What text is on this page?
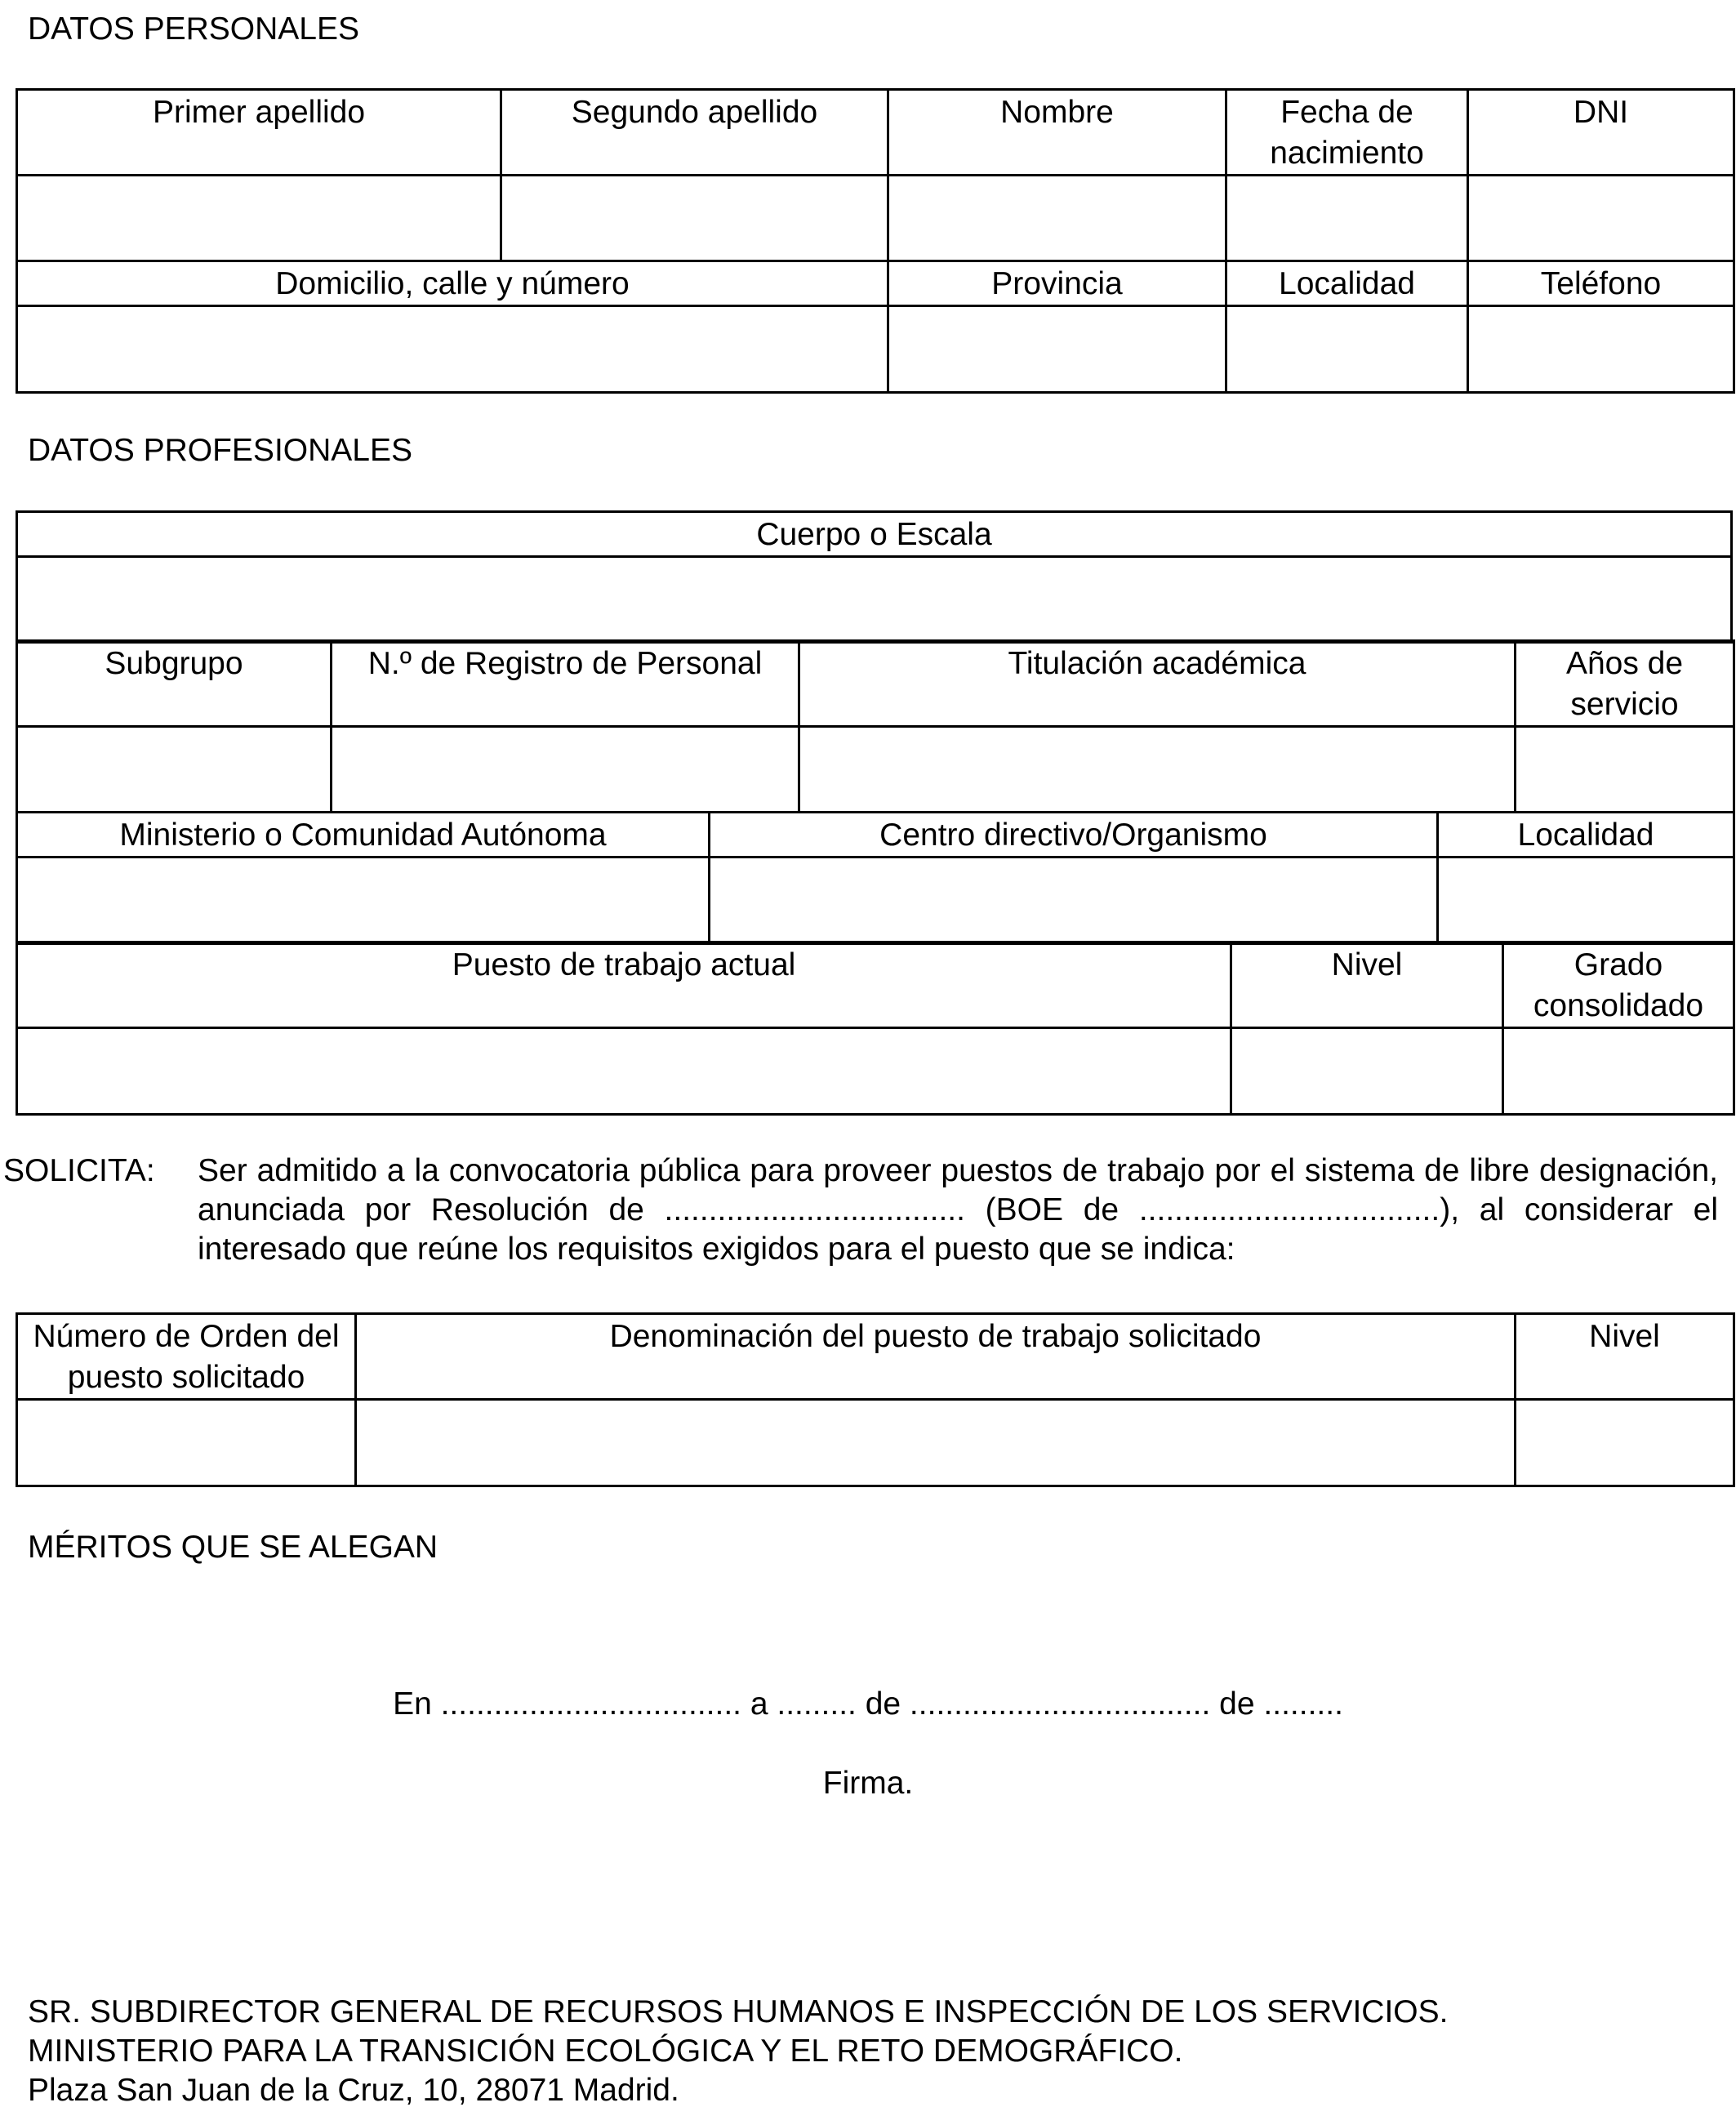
DATOS PERSONALES
Primer apellido	Segundo apellido	Nombre	Fecha de nacimiento	DNI

Domicilio, calle y número		Provincia	Localidad	Teléfono

DATOS PROFESIONALES
Cuerpo o Escala

Subgrupo	N.º de Registro de Personal	Titulación académica	Años de servicio

Ministerio o Comunidad Autónoma	Centro directivo/Organismo	Localidad

Puesto de trabajo actual	Nivel	Grado consolidado

SOLICITA: Ser admitido a la convocatoria pública para proveer puestos de trabajo por el sistema de libre designación, anunciada por Resolución de .................................. (BOE de ..................................), al considerar el interesado que reúne los requisitos exigidos para el puesto que se indica:
Número de Orden del puesto solicitado	Denominación del puesto de trabajo solicitado	Nivel

MÉRITOS QUE SE ALEGAN
En .................................. a ......... de .................................. de .........
Firma.
SR. SUBDIRECTOR GENERAL DE RECURSOS HUMANOS E INSPECCIÓN DE LOS SERVICIOS.
MINISTERIO PARA LA TRANSICIÓN ECOLÓGICA Y EL RETO DEMOGRÁFICO.
Plaza San Juan de la Cruz, 10, 28071 Madrid.
